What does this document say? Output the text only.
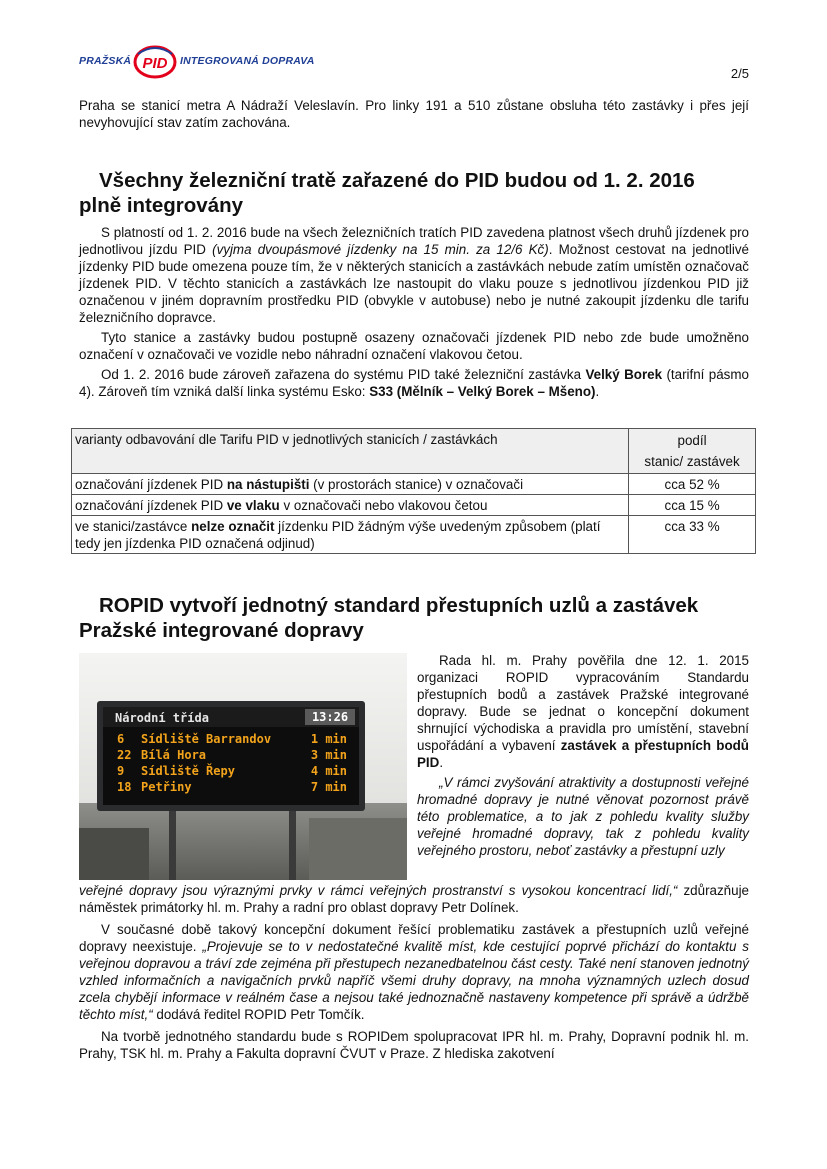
PRAŽSKÁ PID INTEGROVANÁ DOPRAVA
2/5

Praha se stanicí metra A Nádraží Veleslavín. Pro linky 191 a 510 zůstane obsluha této zastávky i přes její nevyhovující stav zatím zachována.

Všechny železniční tratě zařazené do PID budou od 1. 2. 2016
plně integrovány

S platností od 1. 2. 2016 bude na všech železničních tratích PID zavedena platnost všech druhů jízdenek pro jednotlivou jízdu PID (vyjma dvoupásmové jízdenky na 15 min. za 12/6 Kč). Možnost cestovat na jednotlivé jízdenky PID bude omezena pouze tím, že v některých stanicích a zastávkách nebude zatím umístěn označovač jízdenek PID. V těchto stanicích a zastávkách lze nastoupit do vlaku pouze s jednotlivou jízdenkou PID již označenou v jiném dopravním prostředku PID (obvykle v autobuse) nebo je nutné zakoupit jízdenku dle tarifu železničního dopravce.

Tyto stanice a zastávky budou postupně osazeny označovači jízdenek PID nebo zde bude umožněno označení v označovači ve vozidle nebo náhradní označení vlakovou četou.

Od 1. 2. 2016 bude zároveň zařazena do systému PID také železniční zastávka Velký Borek (tarifní pásmo 4). Zároveň tím vzniká další linka systému Esko: S33 (Mělník – Velký Borek – Mšeno).

varianty odbavování dle Tarifu PID v jednotlivých stanicích / zastávkách	podíl
stanic/ zastávek
označování jízdenek PID na nástupišti (v prostorách stanice) v označovači	cca 52 %
označování jízdenek PID ve vlaku v označovači nebo vlakovou četou	cca 15 %
ve stanici/zastávce nelze označit jízdenku PID žádným výše uvedeným způsobem (platí tedy jen jízdenka PID označená odjinud)	cca 33 %
ROPID vytvoří jednotný standard přestupních uzlů a zastávek
Pražské integrované dopravy
Národní třída	13:26
6 Sídliště Barrandov	1 min
22 Bílá Hora	3 min
9 Sídliště Řepy	4 min
18 Petřiny	7 min

Rada hl. m. Prahy pověřila dne 12. 1. 2015 organizaci ROPID vypracováním Standardu přestupních bodů a zastávek Pražské integrované dopravy. Bude se jednat o koncepční dokument shrnující východiska a pravidla pro umístění, stavební uspořádání a vybavení zastávek a přestupních bodů PID.

„V rámci zvyšování atraktivity a dostupnosti veřejné hromadné dopravy je nutné věnovat pozornost právě této problematice, a to jak z pohledu kvality služby veřejné hromadné dopravy, tak z pohledu kvality veřejného prostoru, neboť zastávky a přestupní uzly

veřejné dopravy jsou výraznými prvky v rámci veřejných prostranství s vysokou koncentrací lidí,“ zdůrazňuje náměstek primátorky hl. m. Prahy a radní pro oblast dopravy Petr Dolínek.

V současné době takový koncepční dokument řešící problematiku zastávek a přestupních uzlů veřejné dopravy neexistuje. „Projevuje se to v nedostatečné kvalitě míst, kde cestující poprvé přichází do kontaktu s veřejnou dopravou a tráví zde zejména při přestupech nezanedbatelnou část cesty. Také není stanoven jednotný vzhled informačních a navigačních prvků napříč všemi druhy dopravy, na mnoha významných uzlech dosud zcela chybějí informace v reálném čase a nejsou také jednoznačně nastaveny kompetence při správě a údržbě těchto míst,“ dodává ředitel ROPID Petr Tomčík.

Na tvorbě jednotného standardu bude s ROPIDem spolupracovat IPR hl. m. Prahy, Dopravní podnik hl. m. Prahy, TSK hl. m. Prahy a Fakulta dopravní ČVUT v Praze. Z hlediska zakotvení
